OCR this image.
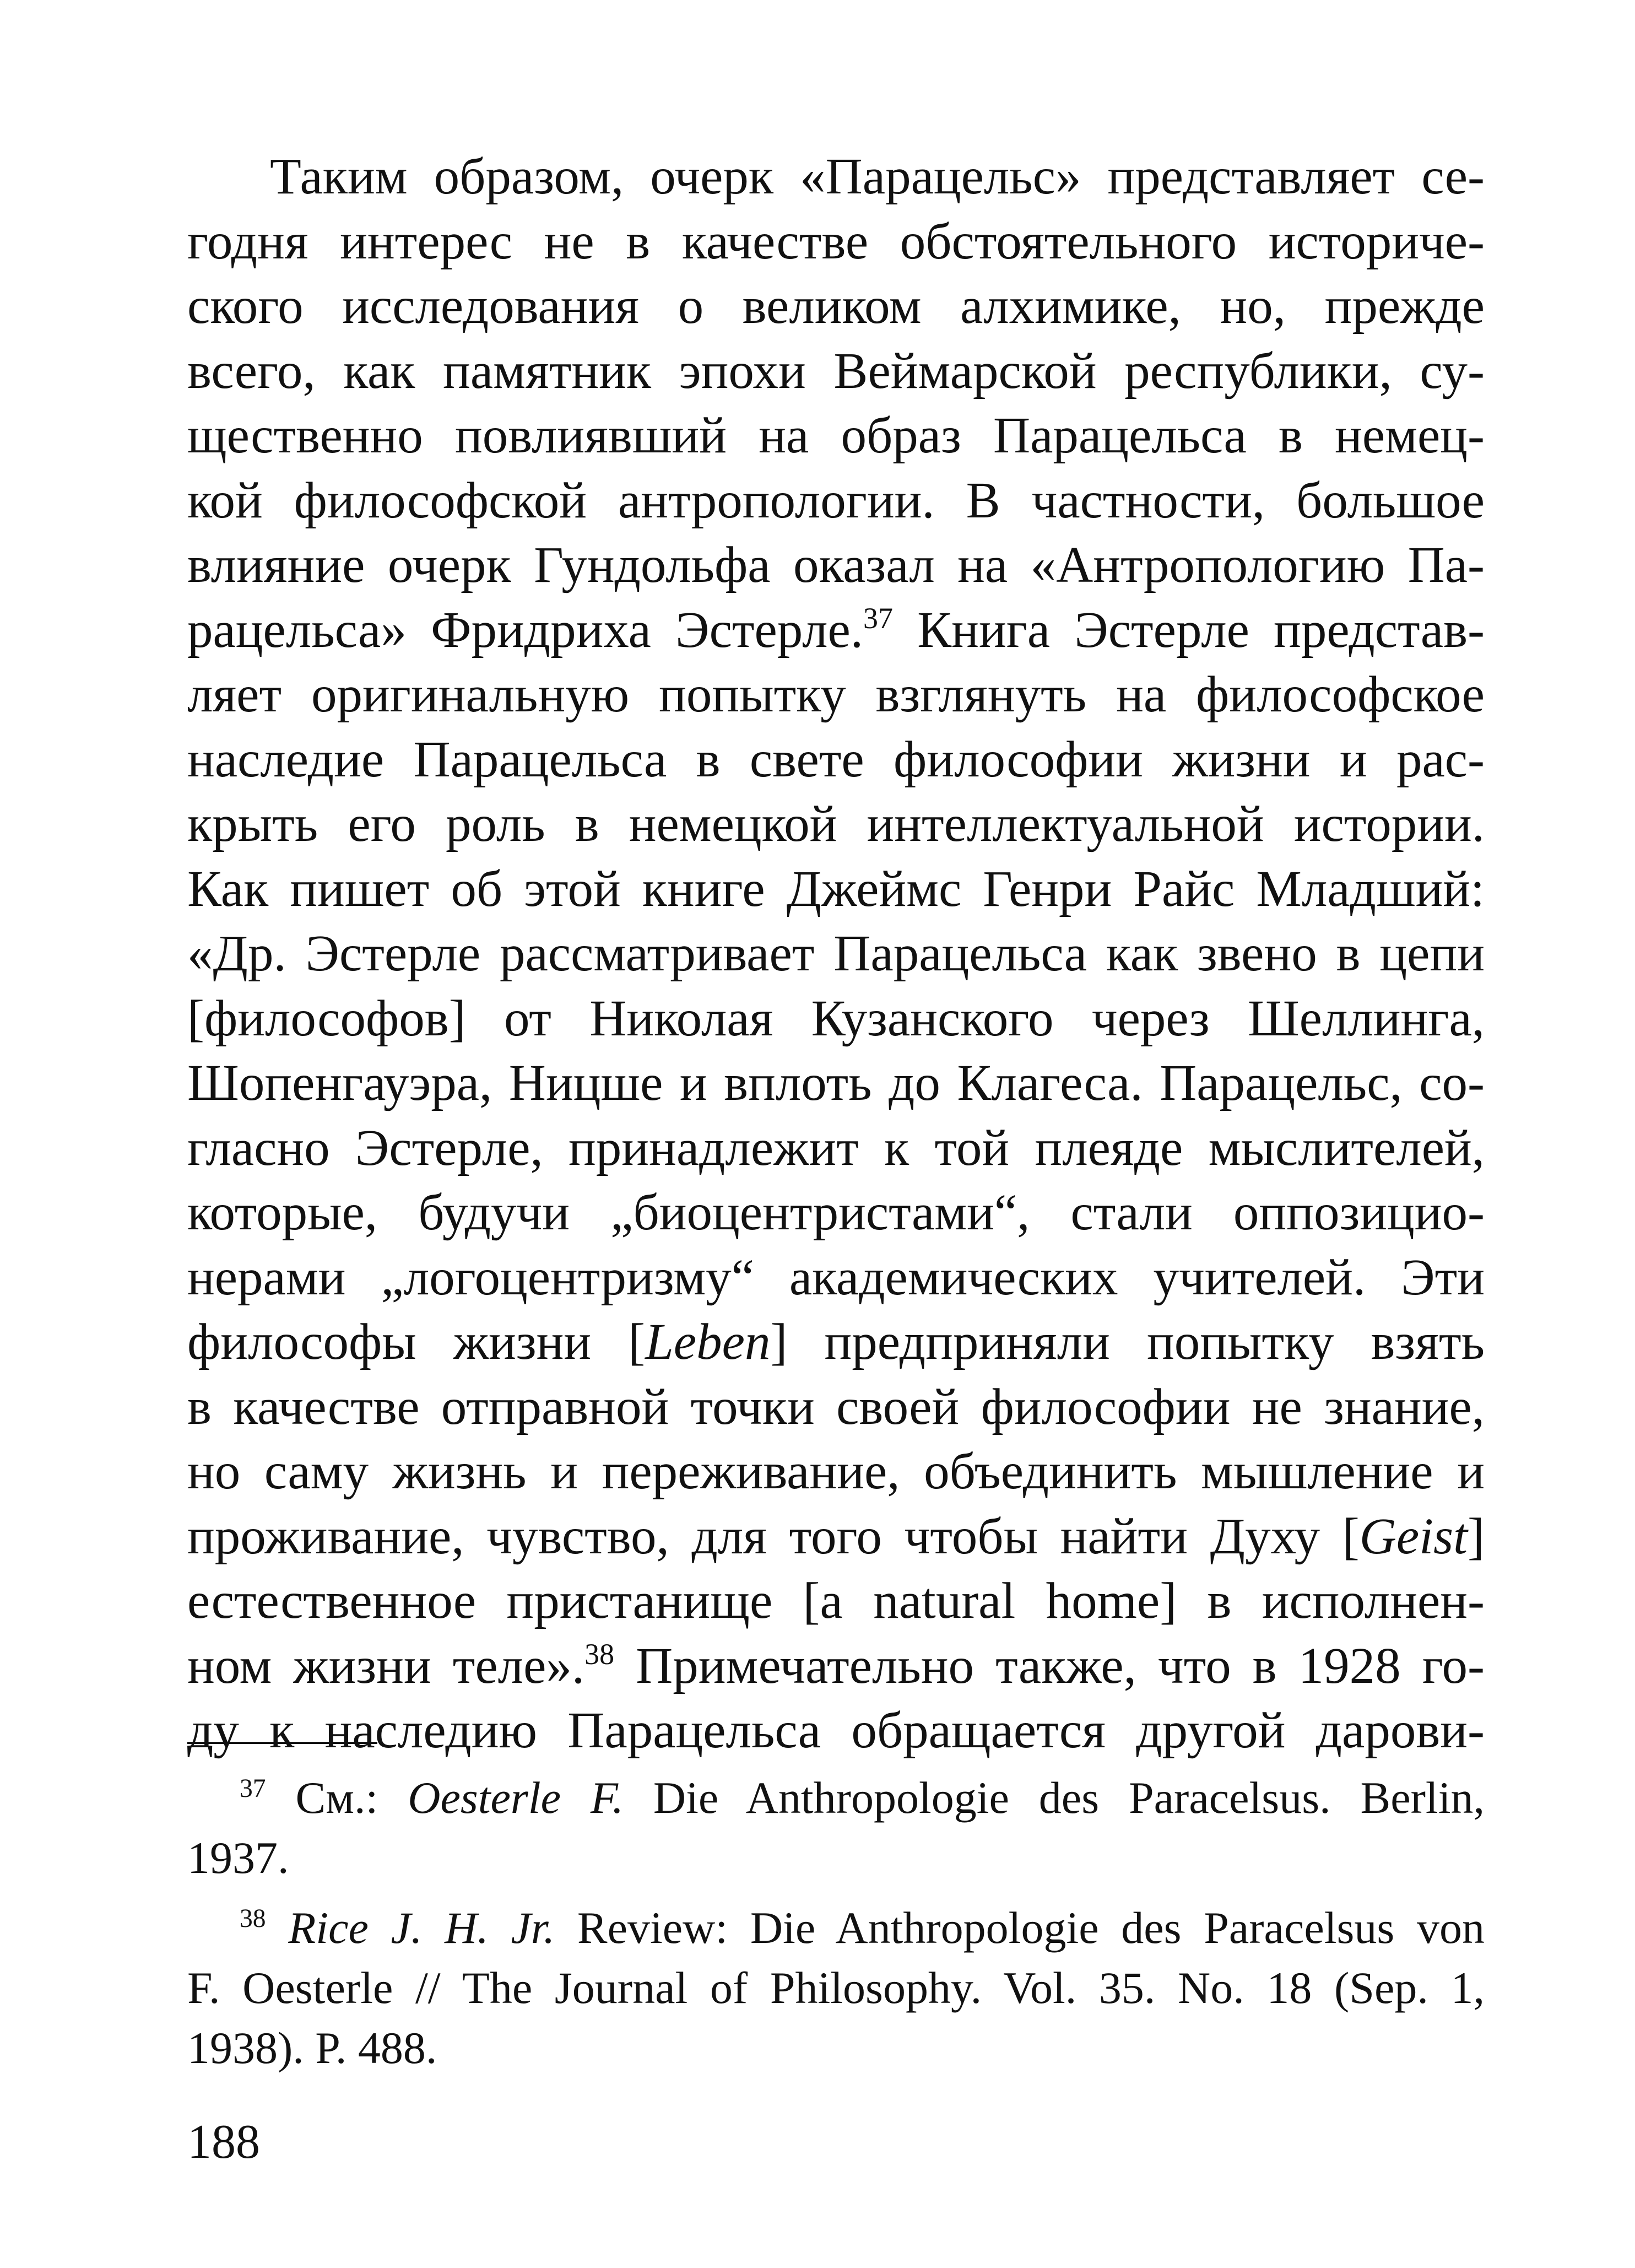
Таким образом, очерк «Парацельс» представляет се-
годня интерес не в качестве обстоятельного историче-
ского исследования о великом алхимике, но, прежде
всего, как памятник эпохи Веймарской республики, су-
щественно повлиявший на образ Парацельса в немец-
кой философской антропологии. В частности, большое
влияние очерк Гундольфа оказал на «Антропологию Па-
рацельса» Фридриха Эстерле.$^{37}$ Книга Эстерле представ-
ляет оригинальную попытку взглянуть на философское
наследие Парацельса в свете философии жизни и рас-
крыть его роль в немецкой интеллектуальной истории.
Как пишет об этой книге Джеймс Генри Райс Младший:
«Др. Эстерле рассматривает Парацельса как звено в цепи
[философов] от Николая Кузанского через Шеллинга,
Шопенгауэра, Ницше и вплоть до Клагеса. Парацельс, со-
гласно Эстерле, принадлежит к той плеяде мыслителей,
которые, будучи „биоцентристами“, стали оппозицио-
нерами „логоцентризму“ академических учителей. Эти
философы жизни [Leben] предприняли попытку взять
в качестве отправной точки своей философии не знание,
но саму жизнь и переживание, объединить мышление и
проживание, чувство, для того чтобы найти Духу [Geist]
естественное пристанище [a natural home] в исполнен-
ном жизни теле».$^{38}$ Примечательно также, что в 1928 го-
ду к наследию Парацельса обращается другой дарови-
$^{37}$ См.: Oesterle F. Die Anthropologie des Paracelsus. Berlin,
1937.
$^{38}$ Rice J. H. Jr. Review: Die Anthropologie des Paracelsus von
F. Oesterle // The Journal of Philosophy. Vol. 35. No. 18 (Sep. 1,
1938). P. 488.
188
